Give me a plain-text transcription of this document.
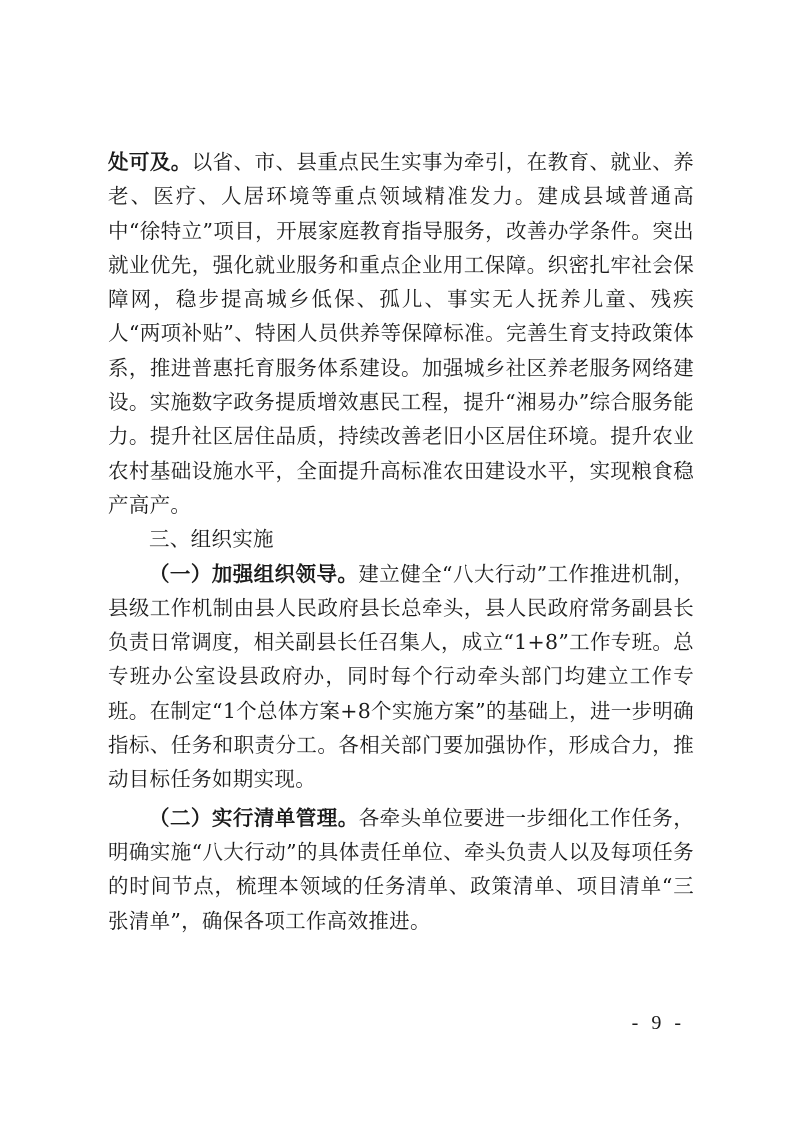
处可及。以省、市、县重点民生实事为牵引，在教育、就业、养老、医疗、人居环境等重点领域精准发力。建成县域普通高中“徐特立”项目，开展家庭教育指导服务，改善办学条件。突出就业优先，强化就业服务和重点企业用工保障。织密扎牢社会保障网，稳步提高城乡低保、孤儿、事实无人抚养儿童、残疾人“两项补贴”、特困人员供养等保障标准。完善生育支持政策体系，推进普惠托育服务体系建设。加强城乡社区养老服务网络建设。实施数字政务提质增效惠民工程，提升“湘易办”综合服务能力。提升社区居住品质，持续改善老旧小区居住环境。提升农业农村基础设施水平，全面提升高标准农田建设水平，实现粮食稳产高产。

三、组织实施

（一）加强组织领导。建立健全“八大行动”工作推进机制，县级工作机制由县人民政府县长总牵头，县人民政府常务副县长负责日常调度，相关副县长任召集人，成立“1+8”工作专班。总专班办公室设县政府办，同时每个行动牵头部门均建立工作专班。在制定“1个总体方案+8个实施方案”的基础上，进一步明确指标、任务和职责分工。各相关部门要加强协作，形成合力，推动目标任务如期实现。

（二）实行清单管理。各牵头单位要进一步细化工作任务，明确实施“八大行动”的具体责任单位、牵头负责人以及每项任务的时间节点，梳理本领域的任务清单、政策清单、项目清单“三张清单”，确保各项工作高效推进。

- 9 -
